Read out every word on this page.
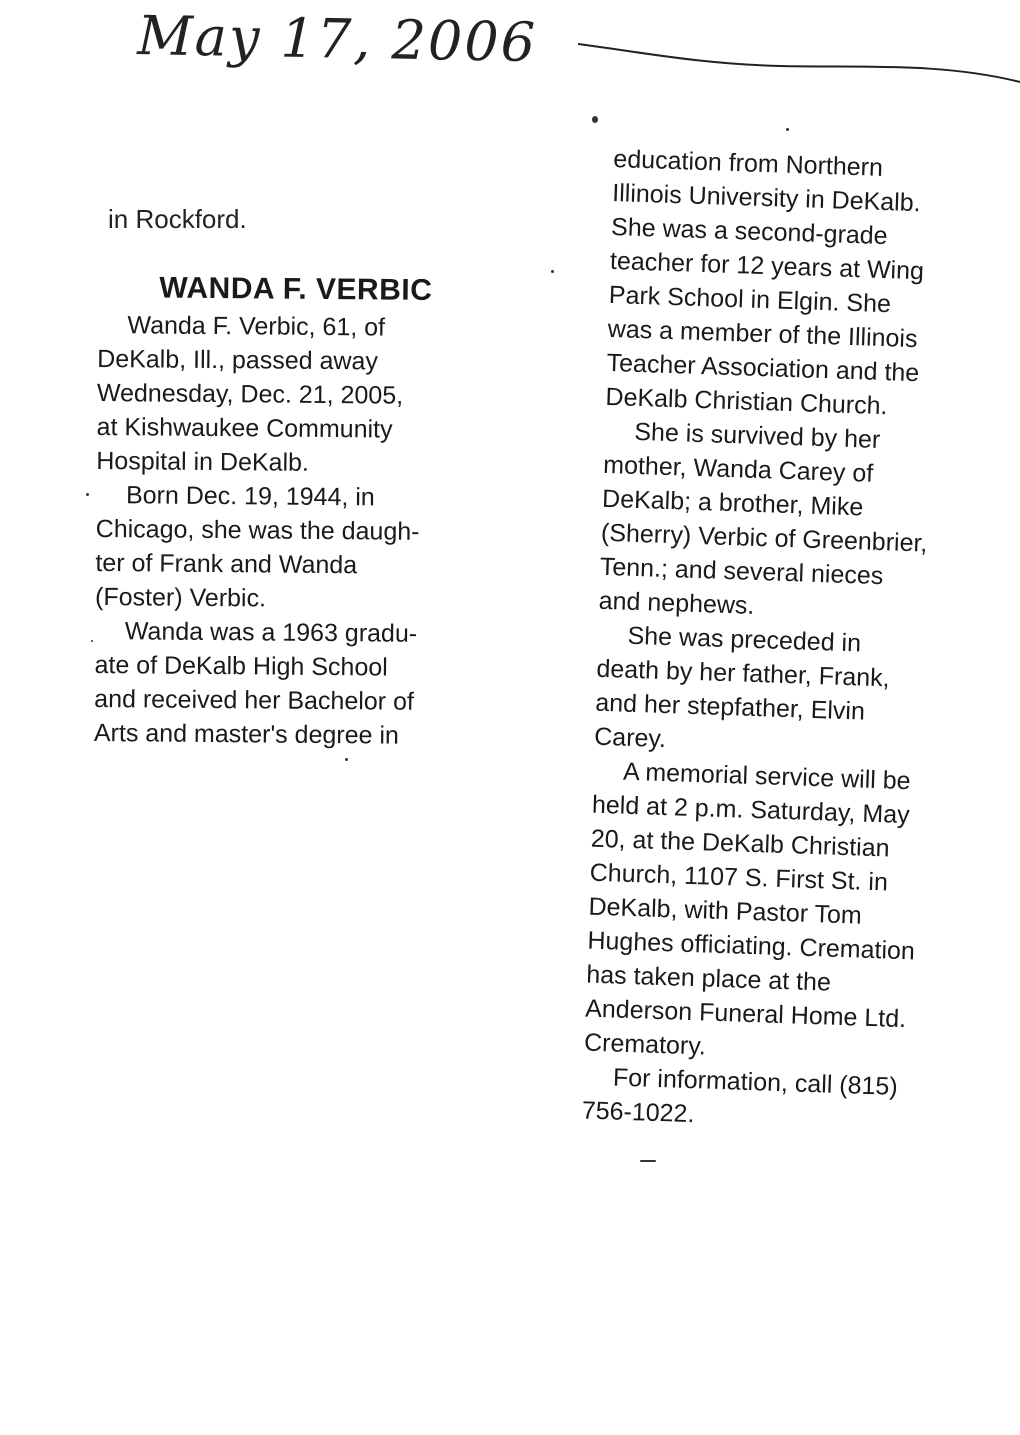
May 17, 2006
in Rockford.
WANDA F. VERBIC
Wanda F. Verbic, 61, of
DeKalb, Ill., passed away
Wednesday, Dec. 21, 2005,
at Kishwaukee Community
Hospital in DeKalb.
Born Dec. 19, 1944, in
Chicago, she was the daugh-
ter of Frank and Wanda
(Foster) Verbic.
Wanda was a 1963 gradu-
ate of DeKalb High School
and received her Bachelor of
Arts and master's degree in
education from Northern
Illinois University in DeKalb.
She was a second-grade
teacher for 12 years at Wing
Park School in Elgin. She
was a member of the Illinois
Teacher Association and the
DeKalb Christian Church.
She is survived by her
mother, Wanda Carey of
DeKalb; a brother, Mike
(Sherry) Verbic of Greenbrier,
Tenn.; and several nieces
and nephews.
She was preceded in
death by her father, Frank,
and her stepfather, Elvin
Carey.
A memorial service will be
held at 2 p.m. Saturday, May
20, at the DeKalb Christian
Church, 1107 S. First St. in
DeKalb, with Pastor Tom
Hughes officiating. Cremation
has taken place at the
Anderson Funeral Home Ltd.
Crematory.
For information, call (815)
756-1022.
